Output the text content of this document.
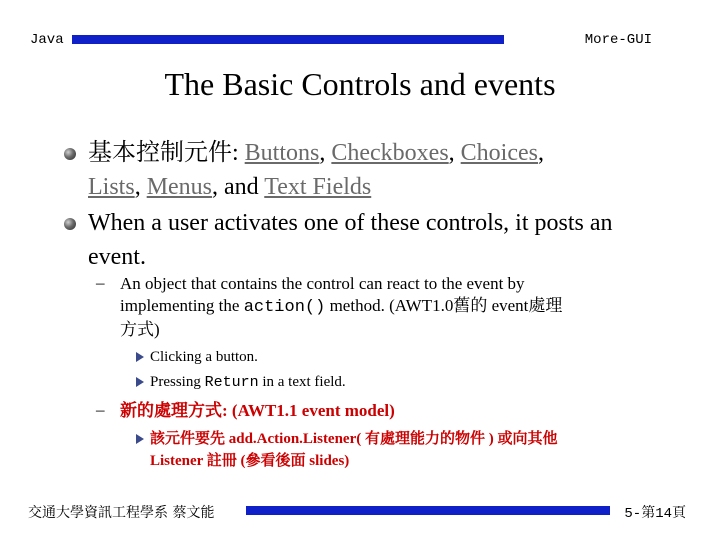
Java	More-GUI
The Basic Controls and events
基本控制元件: Buttons, Checkboxes, Choices,
Lists, Menus, and Text Fields
When a user activates one of these controls, it posts an
event.
– An object that contains the control can react to the event by
implementing the action() method. (AWT1.0舊的 event處理
方式)
Clicking a button.
Pressing Return in a text field.
– 新的處理方式: (AWT1.1 event model)
該元件要先 add.Action.Listener( 有處理能力的物件 ) 或向其他
Listener 註冊 (參看後面 slides)
交通大學資訊工程學系 蔡文能	5-第14頁
